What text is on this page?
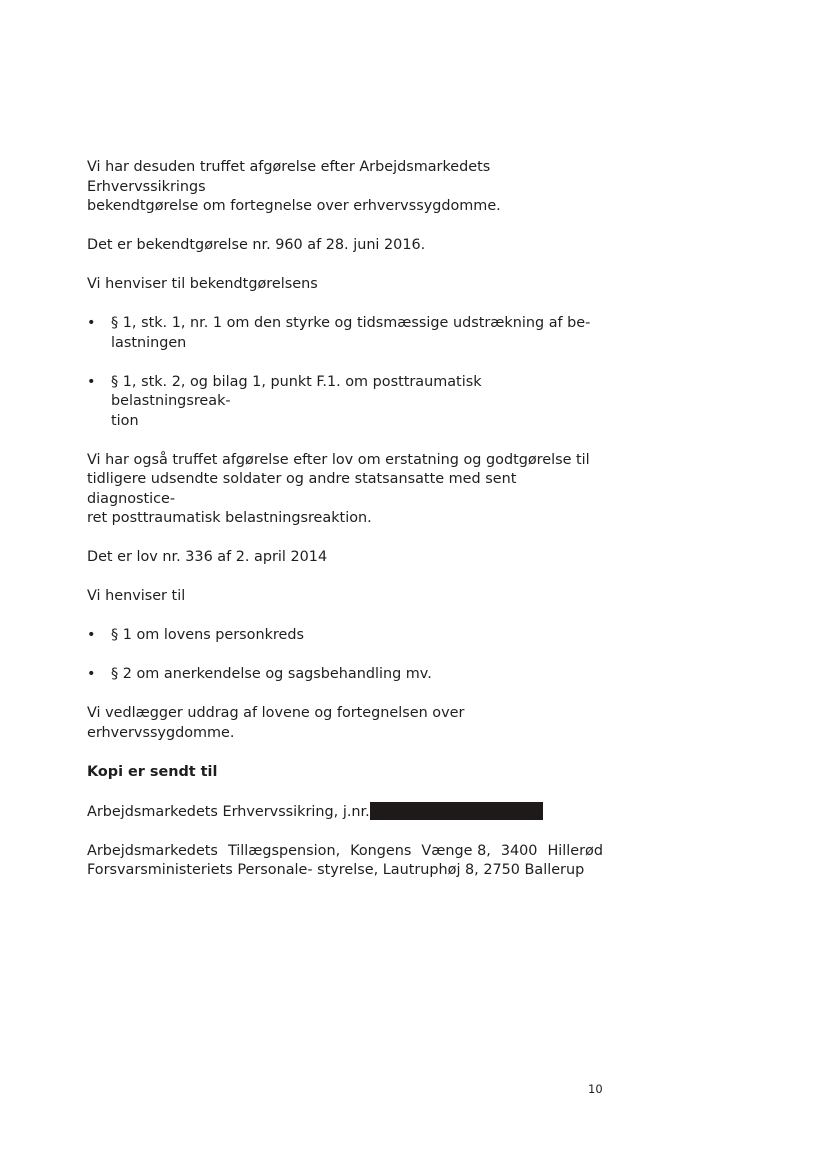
Vi har desuden truffet afgørelse efter Arbejdsmarkedets Erhvervssikrings
bekendtgørelse om fortegnelse over erhvervssygdomme.

Det er bekendtgørelse nr. 960 af 28. juni 2016.

Vi henviser til bekendtgørelsens

• § 1, stk. 1, nr. 1 om den styrke og tidsmæssige udstrækning af be-
lastningen
• § 1, stk. 2, og bilag 1, punkt F.1. om posttraumatisk belastningsreak-
tion

Vi har også truffet afgørelse efter lov om erstatning og godtgørelse til
tidligere udsendte soldater og andre statsansatte med sent diagnostice-
ret posttraumatisk belastningsreaktion.

Det er lov nr. 336 af 2. april 2014

Vi henviser til

• § 1 om lovens personkreds
• § 2 om anerkendelse og sagsbehandling mv.

Vi vedlægger uddrag af lovene og fortegnelsen over erhvervssygdomme.

Kopi er sendt til

Arbejdsmarkedets Erhvervssikring, j.nr.

Arbejdsmarkedets Tillægspension, Kongens Vænge 8, 3400 Hillerød
Forsvarsministeriets Personale- styrelse, Lautruphøj 8, 2750 Ballerup
10
